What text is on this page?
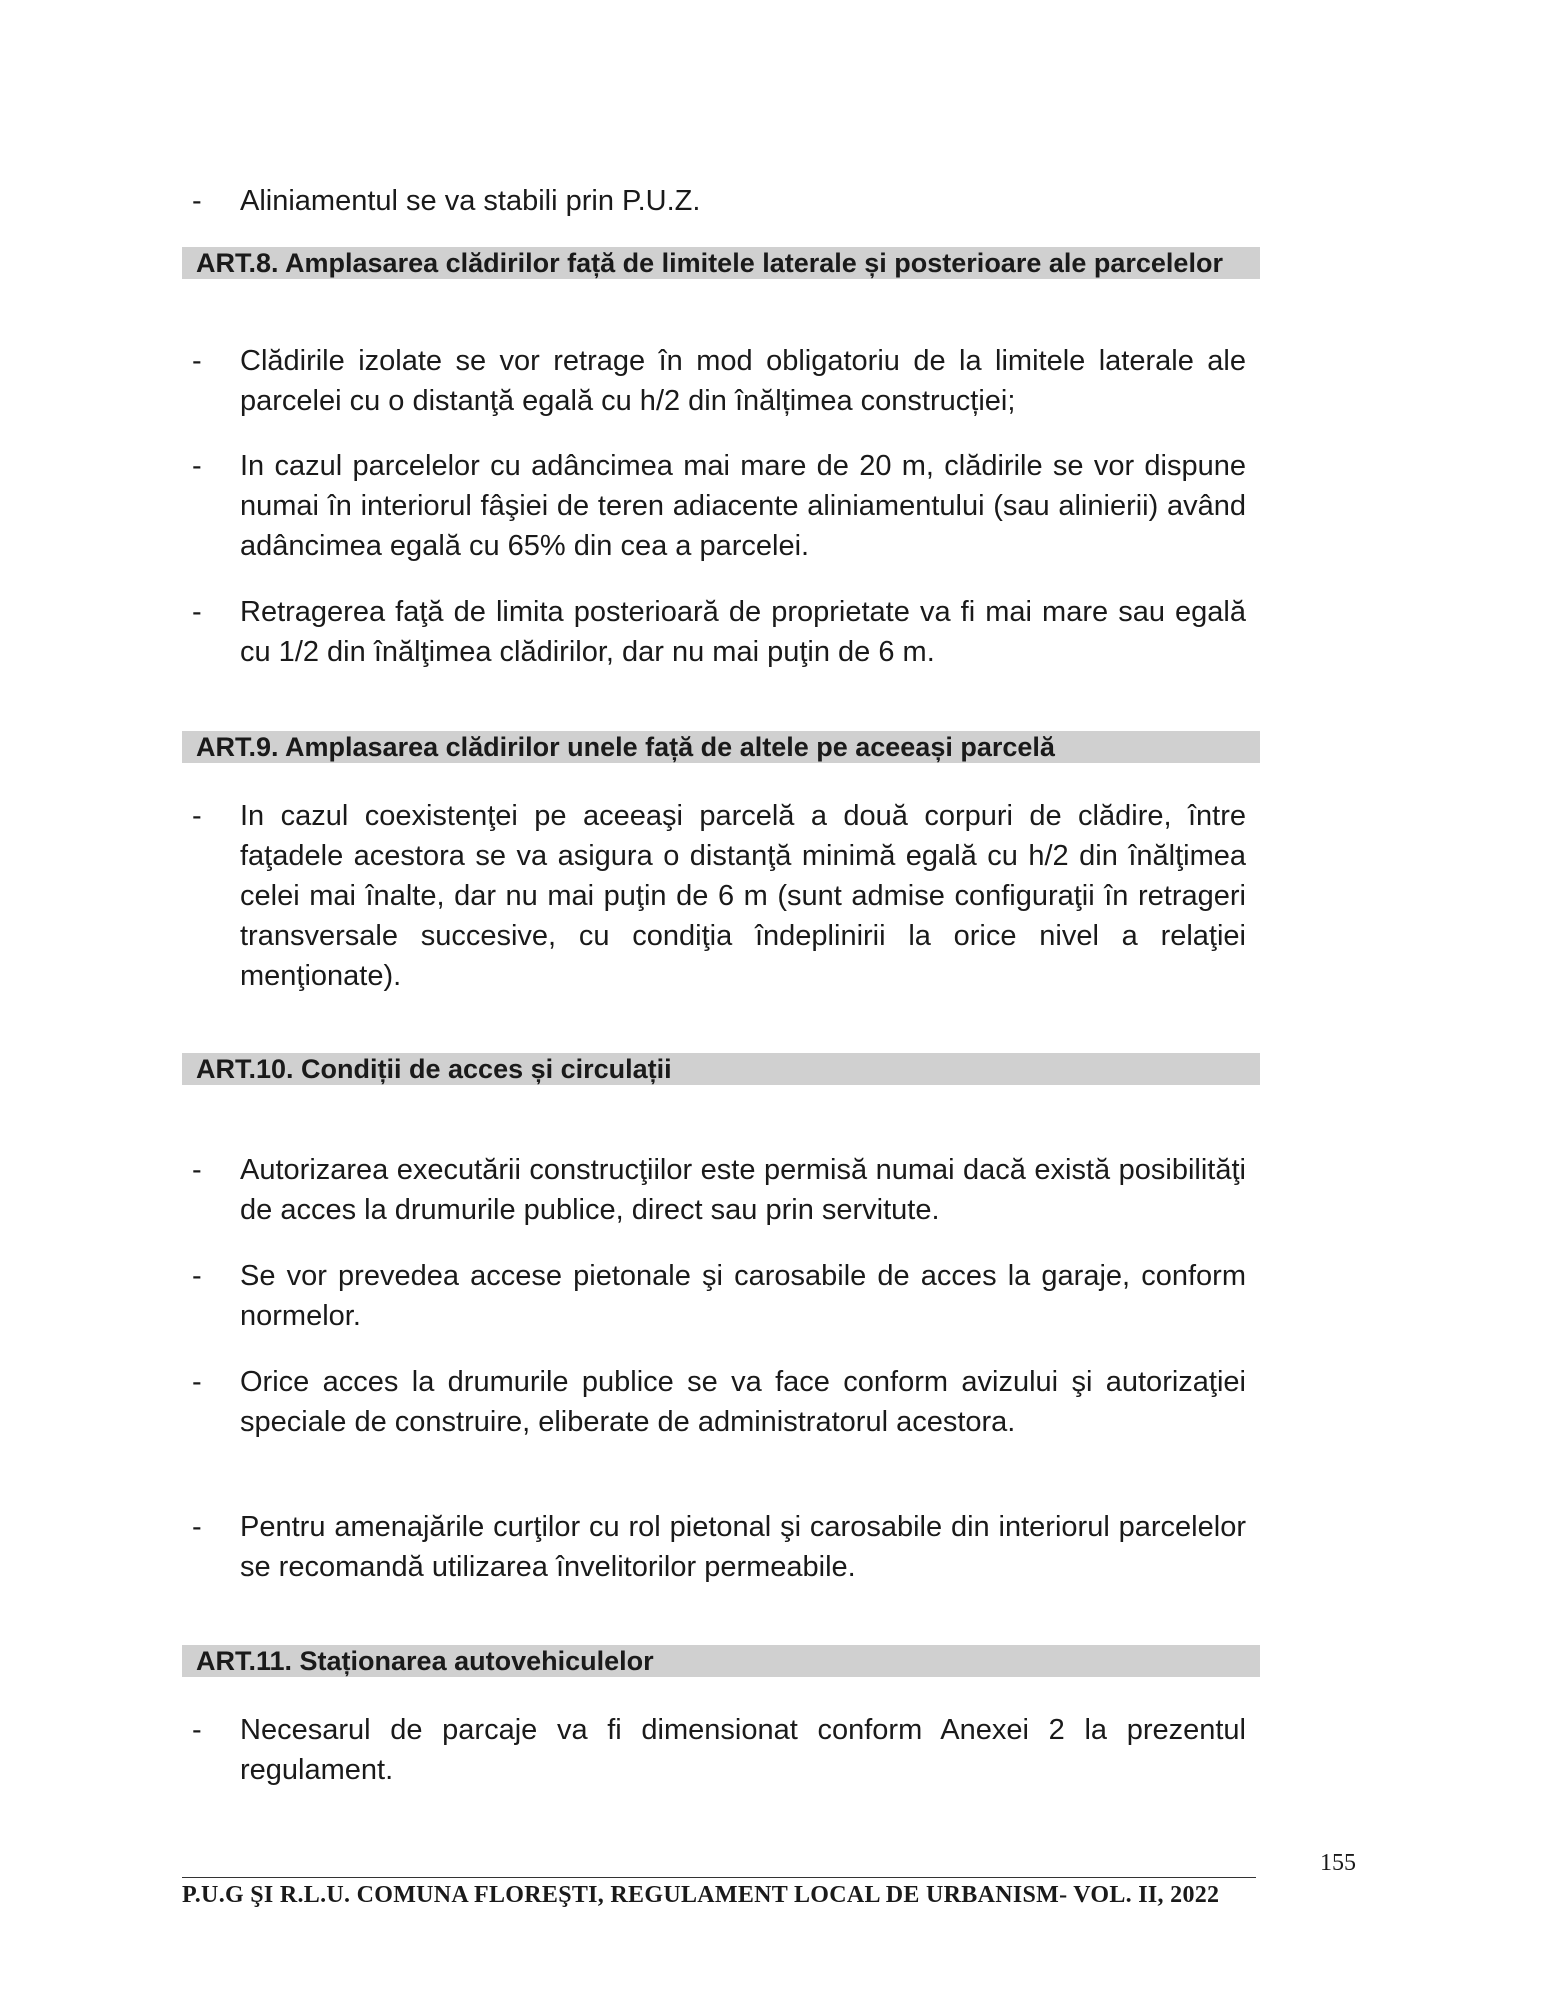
- Aliniamentul se va stabili prin P.U.Z.
ART.8. Amplasarea clădirilor față de limitele laterale și posterioare ale parcelelor
- Clădirile izolate se vor retrage în mod obligatoriu de la limitele laterale ale parcelei cu o distanţă egală cu h/2 din înălțimea construcției;
- In cazul parcelelor cu adâncimea mai mare de 20 m, clădirile se vor dispune numai în interiorul fâşiei de teren adiacente aliniamentului (sau alinierii) având adâncimea egală cu 65% din cea a parcelei.
- Retragerea faţă de limita posterioară de proprietate va fi mai mare sau egală cu 1/2 din înălţimea clădirilor, dar nu mai puţin de 6 m.
ART.9. Amplasarea clădirilor unele față de altele pe aceeași parcelă
- In cazul coexistenţei pe aceeaşi parcelă a două corpuri de clădire, între faţadele acestora se va asigura o distanţă minimă egală cu h/2 din înălţimea celei mai înalte, dar nu mai puţin de 6 m (sunt admise configuraţii în retrageri transversale succesive, cu condiţia îndeplinirii la orice nivel a relaţiei menţionate).
ART.10. Condiții de acces și circulații
- Autorizarea executării construcţiilor este permisă numai dacă există posibilităţi de acces la drumurile publice, direct sau prin servitute.
- Se vor prevedea accese pietonale şi carosabile de acces la garaje, conform normelor.
- Orice acces la drumurile publice se va face conform avizului şi autorizaţiei speciale de construire, eliberate de administratorul acestora.
- Pentru amenajările curţilor cu rol pietonal şi carosabile din interiorul parcelelor se recomandă utilizarea învelitorilor permeabile.
ART.11. Staționarea autovehiculelor
- Necesarul de parcaje va fi dimensionat conform Anexei 2 la prezentul regulament.
155
P.U.G ŞI R.L.U. COMUNA FLOREŞTI, REGULAMENT LOCAL DE URBANISM- VOL. II, 2022
